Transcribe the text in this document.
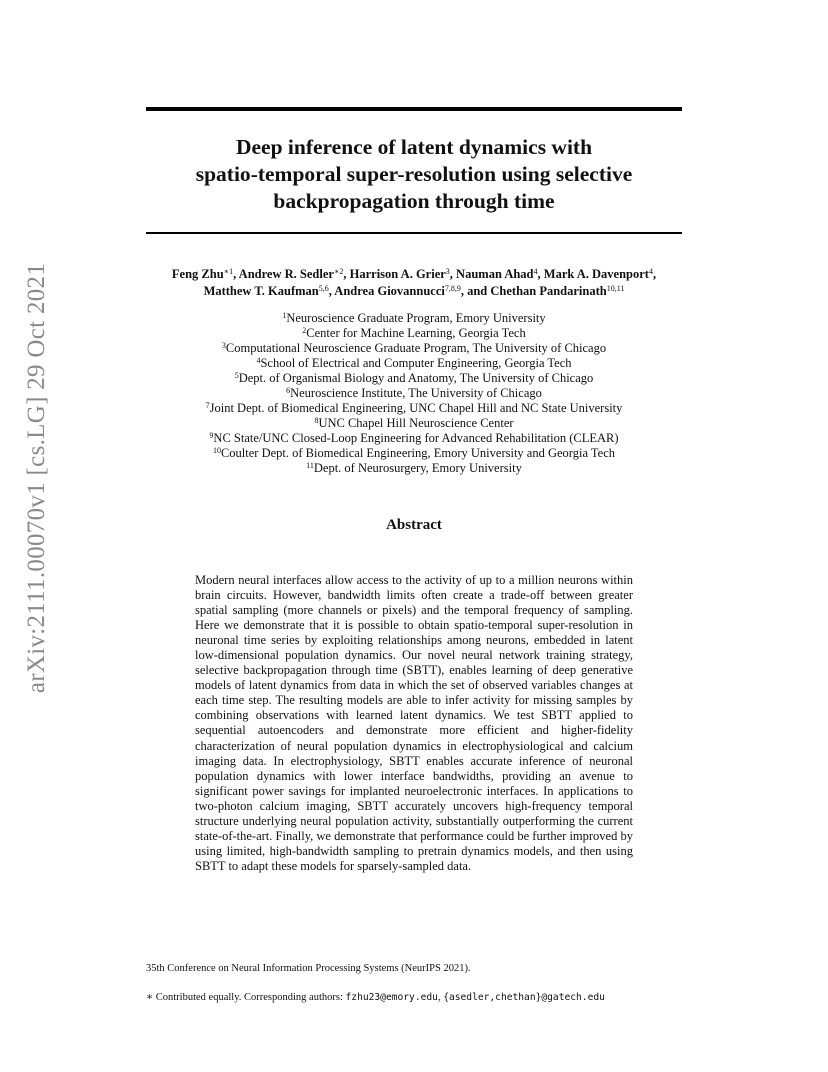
arXiv:2111.00070v1 [cs.LG] 29 Oct 2021
Deep inference of latent dynamics with
spatio-temporal super-resolution using selective
backpropagation through time
Feng Zhu$^{∗1}$, Andrew R. Sedler$^{∗2}$, Harrison A. Grier$^3$, Nauman Ahad$^4$, Mark A. Davenport$^4$,
Matthew T. Kaufman$^{5,6}$, Andrea Giovannucci$^{7,8,9}$, and Chethan Pandarinath$^{10,11}$
$^1$Neuroscience Graduate Program, Emory University
$^2$Center for Machine Learning, Georgia Tech
$^3$Computational Neuroscience Graduate Program, The University of Chicago
$^4$School of Electrical and Computer Engineering, Georgia Tech
$^5$Dept. of Organismal Biology and Anatomy, The University of Chicago
$^6$Neuroscience Institute, The University of Chicago
$^7$Joint Dept. of Biomedical Engineering, UNC Chapel Hill and NC State University
$^8$UNC Chapel Hill Neuroscience Center
$^9$NC State/UNC Closed-Loop Engineering for Advanced Rehabilitation (CLEAR)
$^{10}$Coulter Dept. of Biomedical Engineering, Emory University and Georgia Tech
$^{11}$Dept. of Neurosurgery, Emory University
Abstract
Modern neural interfaces allow access to the activity of up to a million neurons within brain circuits. However, bandwidth limits often create a trade-off between greater spatial sampling (more channels or pixels) and the temporal frequency of sampling. Here we demonstrate that it is possible to obtain spatio-temporal super-resolution in neuronal time series by exploiting relationships among neurons, embedded in latent low-dimensional population dynamics. Our novel neural network training strategy, selective backpropagation through time (SBTT), enables learning of deep generative models of latent dynamics from data in which the set of observed variables changes at each time step. The resulting models are able to infer activity for missing samples by combining observations with learned latent dynamics. We test SBTT applied to sequential autoencoders and demonstrate more efficient and higher-fidelity characterization of neural population dynamics in electrophysiological and calcium imaging data. In electrophysiology, SBTT enables accurate inference of neuronal population dynamics with lower interface bandwidths, providing an avenue to significant power savings for implanted neuroelectronic interfaces. In applications to two-photon calcium imaging, SBTT accurately uncovers high-frequency temporal structure underlying neural population activity, substantially outperforming the current state-of-the-art. Finally, we demonstrate that performance could be further improved by using limited, high-bandwidth sampling to pretrain dynamics models, and then using SBTT to adapt these models for sparsely-sampled data.
35th Conference on Neural Information Processing Systems (NeurIPS 2021).
∗ Contributed equally. Corresponding authors: fzhu23@emory.edu, {asedler,chethan}@gatech.edu
